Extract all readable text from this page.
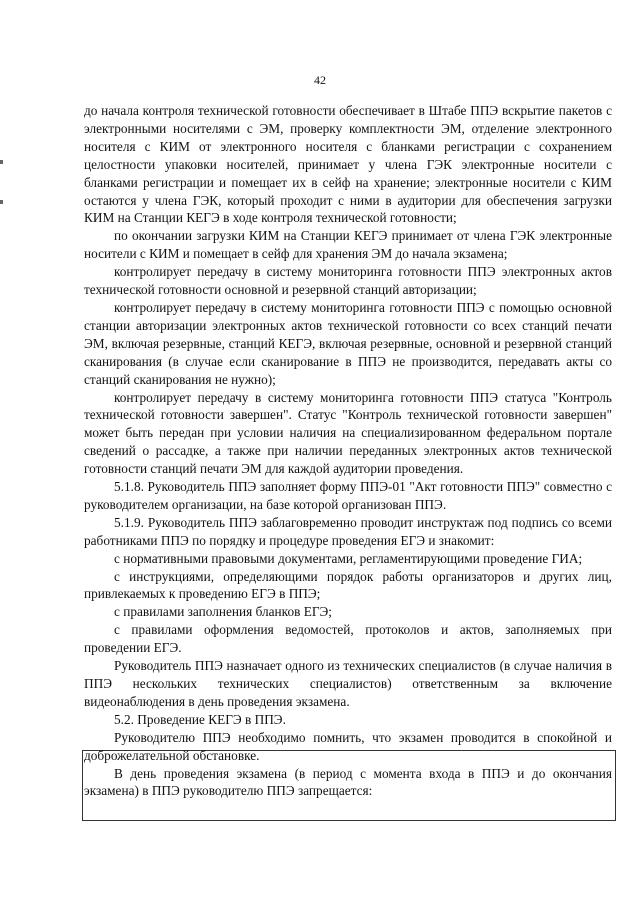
42

до начала контроля технической готовности обеспечивает в Штабе ППЭ вскрытие пакетов с электронными носителями с ЭМ, проверку комплектности ЭМ, отделение электронного носителя с КИМ от электронного носителя с бланками регистрации с сохранением целостности упаковки носителей, принимает у члена ГЭК электронные носители с бланками регистрации и помещает их в сейф на хранение; электронные носители с КИМ остаются у члена ГЭК, который проходит с ними в аудитории для обеспечения загрузки КИМ на Станции КЕГЭ в ходе контроля технической готовности;

по окончании загрузки КИМ на Станции КЕГЭ принимает от члена ГЭК электронные носители с КИМ и помещает в сейф для хранения ЭМ до начала экзамена;

контролирует передачу в систему мониторинга готовности ППЭ электронных актов технической готовности основной и резервной станций авторизации;

контролирует передачу в систему мониторинга готовности ППЭ с помощью основной станции авторизации электронных актов технической готовности со всех станций печати ЭМ, включая резервные, станций КЕГЭ, включая резервные, основной и резервной станций сканирования (в случае если сканирование в ППЭ не производится, передавать акты со станций сканирования не нужно);

контролирует передачу в систему мониторинга готовности ППЭ статуса "Контроль технической готовности завершен". Статус "Контроль технической готовности завершен" может быть передан при условии наличия на специализированном федеральном портале сведений о рассадке, а также при наличии переданных электронных актов технической готовности станций печати ЭМ для каждой аудитории проведения.

5.1.8. Руководитель ППЭ заполняет форму ППЭ-01 "Акт готовности ППЭ" совместно с руководителем организации, на базе которой организован ППЭ.

5.1.9. Руководитель ППЭ заблаговременно проводит инструктаж под подпись со всеми работниками ППЭ по порядку и процедуре проведения ЕГЭ и знакомит:

с нормативными правовыми документами, регламентирующими проведение ГИА;

с инструкциями, определяющими порядок работы организаторов и других лиц, привлекаемых к проведению ЕГЭ в ППЭ;

с правилами заполнения бланков ЕГЭ;

с правилами оформления ведомостей, протоколов и актов, заполняемых при проведении ЕГЭ.

Руководитель ППЭ назначает одного из технических специалистов (в случае наличия в ППЭ нескольких технических специалистов) ответственным за включение видеонаблюдения в день проведения экзамена.

5.2. Проведение КЕГЭ в ППЭ.

Руководителю ППЭ необходимо помнить, что экзамен проводится в спокойной и доброжелательной обстановке.

В день проведения экзамена (в период с момента входа в ППЭ и до окончания экзамена) в ППЭ руководителю ППЭ запрещается:
